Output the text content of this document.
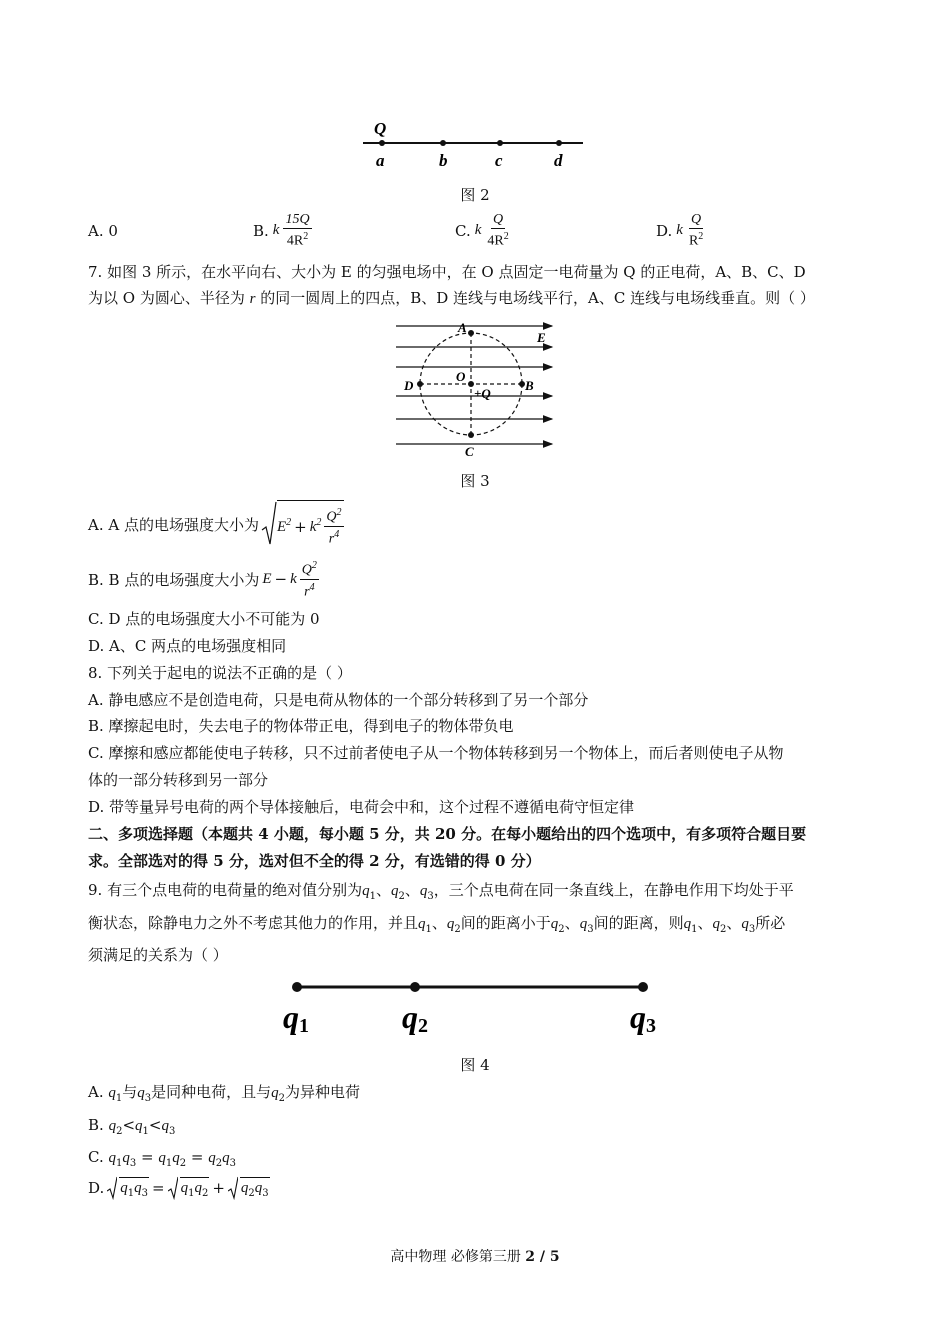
Q
a	b	c	d
图 2
A. 0	B. k $\frac{15Q}{4R^2}$	C. k $\frac{Q}{4R^2}$	D. k $\frac{Q}{R^2}$
7. 如图 3 所示，在水平向右、大小为 E 的匀强电场中，在 O 点固定一电荷量为 Q 的正电荷，A、B、C、D
为以 O 为圆心、半径为 r 的同一圆周上的四点，B、D 连线与电场线平行，A、C 连线与电场线垂直。则（ ）
A
E
O
D	B
+Q
C
图 3
A. A 点的电场强度大小为 $E^2 + k^2 \frac{Q^2}{r^4}$
B. B 点的电场强度大小为 E − k $\frac{Q^2}{r^4}$
C. D 点的电场强度大小不可能为 0
D. A、C 两点的电场强度相同
8. 下列关于起电的说法不正确的是（ ）
A. 静电感应不是创造电荷，只是电荷从物体的一个部分转移到了另一个部分
B. 摩擦起电时，失去电子的物体带正电，得到电子的物体带负电
C. 摩擦和感应都能使电子转移，只不过前者使电子从一个物体转移到另一个物体上，而后者则使电子从物
体的一部分转移到另一部分
D. 带等量异号电荷的两个导体接触后，电荷会中和，这个过程不遵循电荷守恒定律
二、多项选择题（本题共 4 小题，每小题 5 分，共 20 分。在每小题给出的四个选项中，有多项符合题目要
求。全部选对的得 5 分，选对但不全的得 2 分，有选错的得 0 分）
9. 有三个点电荷的电荷量的绝对值分别为$q_1$、$q_2$、$q_3$，三个点电荷在同一条直线上，在静电作用下均处于平
衡状态，除静电力之外不考虑其他力的作用，并且$q_1$、$q_2$间的距离小于$q_2$、$q_3$间的距离，则$q_1$、$q_2$、$q_3$所必
须满足的关系为（ ）
q1	q2	q3
图 4
A. $q_1$与$q_3$是同种电荷，且与$q_2$为异种电荷
B. $q_2<q_1<q_3$
C. $q_1q_3 = q_1q_2 = q_2q_3$
D. $q_1q_3 = q_1q_2 + q_2q_3$
高中物理 必修第三册 2 / 5
